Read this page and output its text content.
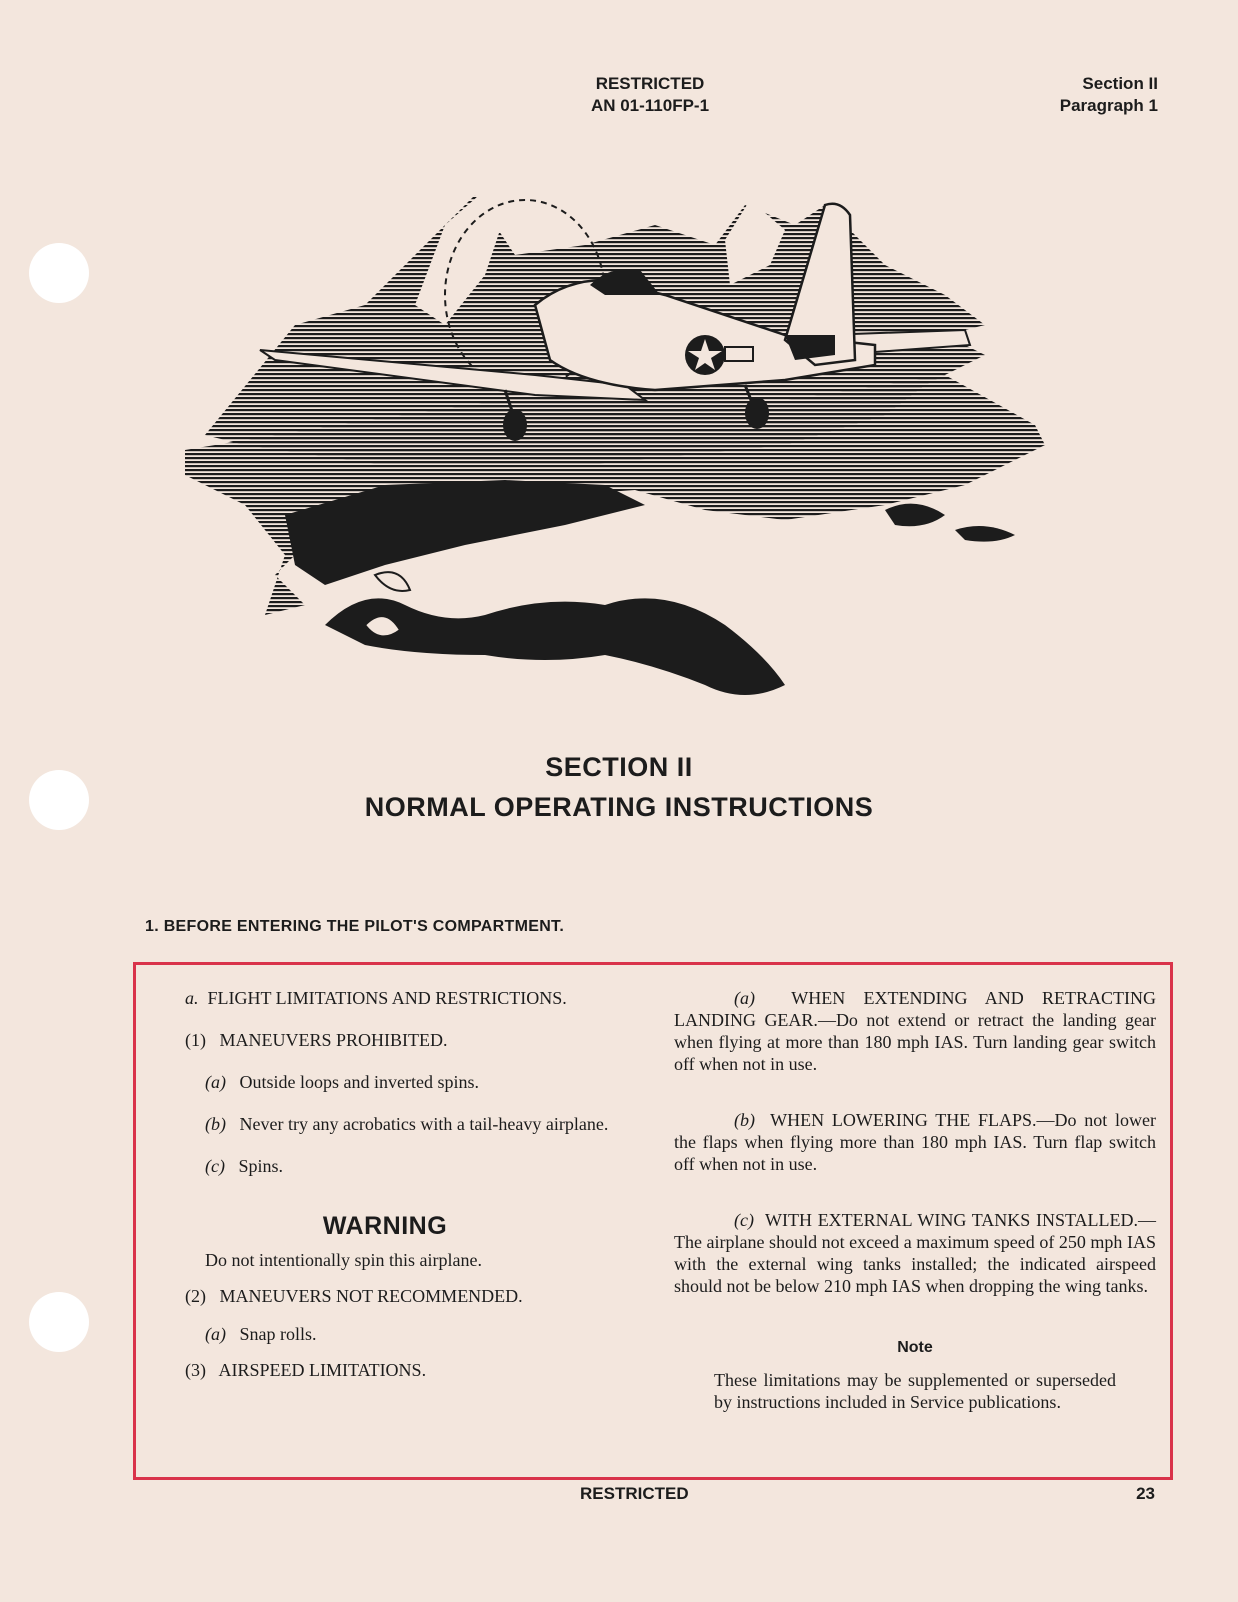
RESTRICTED
AN 01-110FP-1
Section II
Paragraph 1
SECTION II
NORMAL OPERATING INSTRUCTIONS
1. BEFORE ENTERING THE PILOT'S COMPARTMENT.

a. FLIGHT LIMITATIONS AND RESTRICTIONS.

(1) MANEUVERS PROHIBITED.

(a) Outside loops and inverted spins.

(b) Never try any acrobatics with a tail-heavy airplane.

(c) Spins.

WARNING

Do not intentionally spin this airplane.

(2) MANEUVERS NOT RECOMMENDED.

(a) Snap rolls.

(3) AIRSPEED LIMITATIONS.

(a) WHEN EXTENDING AND RETRACTING LANDING GEAR.—Do not extend or retract the landing gear when flying at more than 180 mph IAS. Turn landing gear switch off when not in use.

(b) WHEN LOWERING THE FLAPS.—Do not lower the flaps when flying more than 180 mph IAS. Turn flap switch off when not in use.

(c) WITH EXTERNAL WING TANKS INSTALLED.—The airplane should not exceed a maximum speed of 250 mph IAS with the external wing tanks installed; the indicated airspeed should not be below 210 mph IAS when dropping the wing tanks.

Note

These limitations may be supplemented or superseded by instructions included in Service publications.

RESTRICTED	23
